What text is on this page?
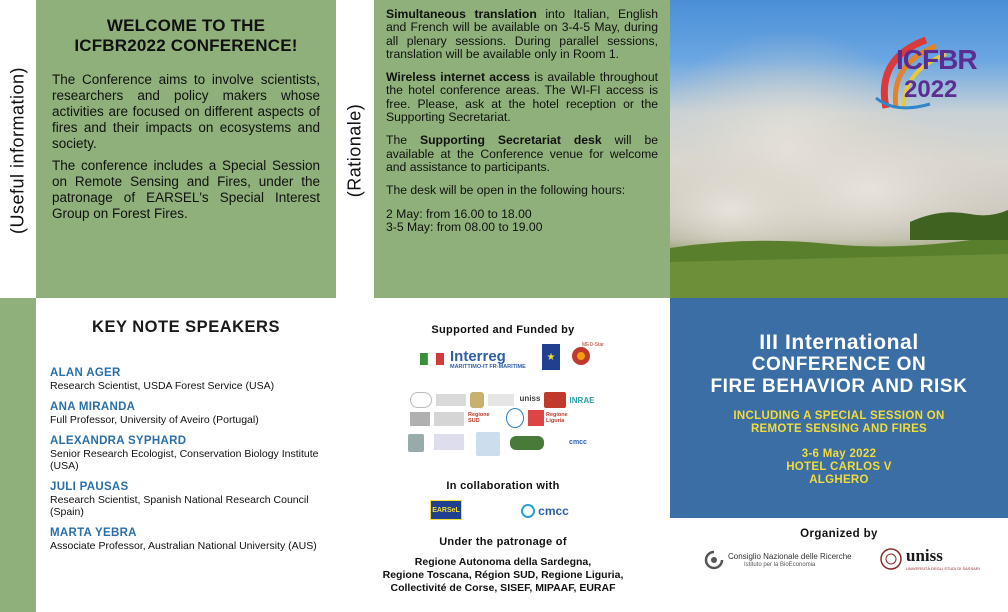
(Useful information)
WELCOME TO THE
ICFBR2022 CONFERENCE!

The Conference aims to involve scientists, researchers and policy makers whose activities are focused on different aspects of fires and their impacts on ecosystems and society.

The conference includes a Special Session on Remote Sensing and Fires, under the patronage of EARSEL's Special Interest Group on Forest Fires.

(Rationale)

Simultaneous translation into Italian, English and French will be available on 3-4-5 May, during all plenary sessions. During parallel sessions, translation will be available only in Room 1.

Wireless internet access is available throughout the hotel conference areas. The WI-FI access is free. Please, ask at the hotel reception or the Supporting Secretariat.

The Supporting Secretariat desk will be available at the Conference venue for welcome and assistance to participants.

The desk will be open in the following hours:

2 May: from 16.00 to 18.00
3-5 May: from 08.00 to 19.00
ICFBR
2022
KEY NOTE SPEAKERS
ALAN AGER
Research Scientist, USDA Forest Service (USA)
ANA MIRANDA
Full Professor, University of Aveiro (Portugal)
ALEXANDRA SYPHARD
Senior Research Ecologist, Conservation Biology Institute (USA)
JULI PAUSAS
Research Scientist, Spanish National Research Council (Spain)
MARTA YEBRA
Associate Professor, Australian National University (AUS)
Supported and Funded by
Interreg
MARITTIMO-IT FR-MARITIME
★
MED-Star
uniss	INRAE
Regione SUD
Regione Liguria
cmcc
In collaboration with
EARSeL	cmcc
Under the patronage of
Regione Autonoma della Sardegna,
Regione Toscana, Région SUD, Regione Liguria,
Collectivité de Corse, SISEF, MIPAAF, EURAF
III International
CONFERENCE ON
FIRE BEHAVIOR AND RISK
INCLUDING A SPECIAL SESSION ON
REMOTE SENSING AND FIRES
3-6 May 2022
HOTEL CARLOS V
ALGHERO
Organized by
Consiglio Nazionale delle Ricerche
Istituto per la BioEconomia	uniss
UNIVERSITÀ DEGLI STUDI DI SASSARI
